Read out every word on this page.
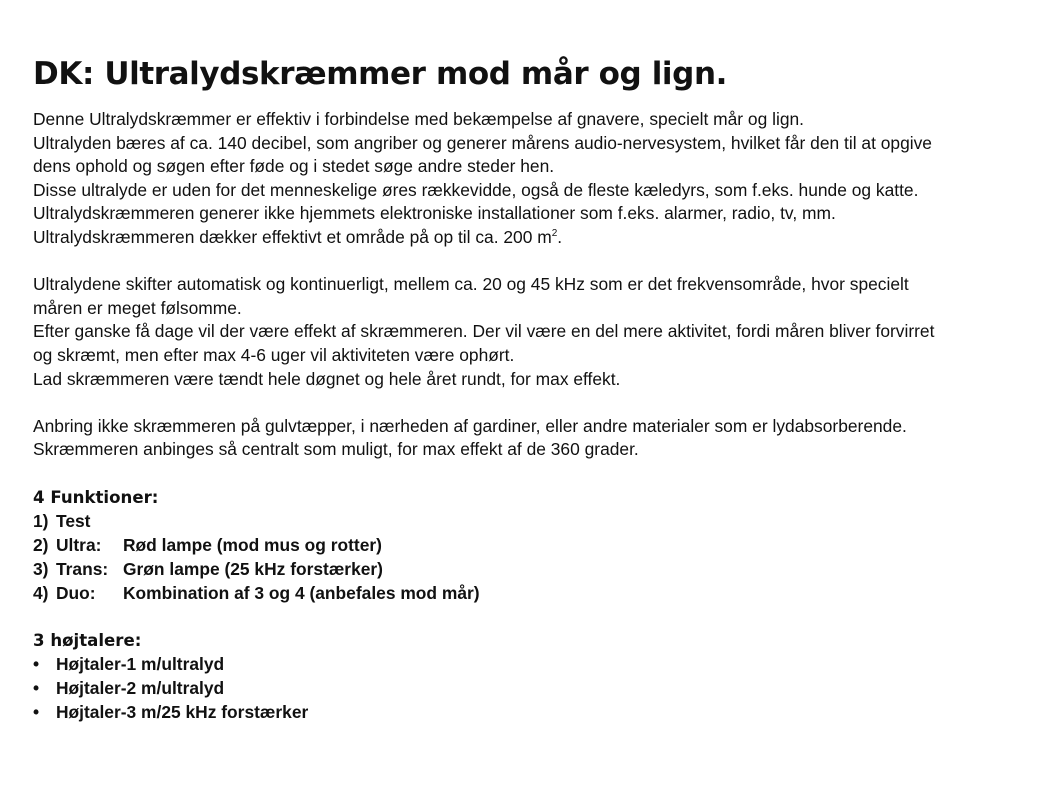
DK: Ultralydskræmmer mod mår og lign.
Denne Ultralydskræmmer er effektiv i forbindelse med bekæmpelse af gnavere, specielt mår og lign.
Ultralyden bæres af ca. 140 decibel, som angriber og generer mårens audio-nervesystem, hvilket får den til at opgive
dens ophold og søgen efter føde og i stedet søge andre steder hen.
Disse ultralyde er uden for det menneskelige øres rækkevidde, også de fleste kæledyrs, som f.eks. hunde og katte.
Ultralydskræmmeren generer ikke hjemmets elektroniske installationer som f.eks. alarmer, radio, tv, mm.
Ultralydskræmmeren dækker effektivt et område på op til ca. 200 $m^2$.
Ultralydene skifter automatisk og kontinuerligt, mellem ca. 20 og 45 kHz som er det frekvensområde, hvor specielt
måren er meget følsomme.
Efter ganske få dage vil der være effekt af skræmmeren. Der vil være en del mere aktivitet, fordi måren bliver forvirret
og skræmt, men efter max 4-6 uger vil aktiviteten være ophørt.
Lad skræmmeren være tændt hele døgnet og hele året rundt, for max effekt.
Anbring ikke skræmmeren på gulvtæpper, i nærheden af gardiner, eller andre materialer som er lydabsorberende.
Skræmmeren anbinges så centralt som muligt, for max effekt af de 360 grader.
4 Funktioner:
1) Test
2) Ultra:	Rød lampe (mod mus og rotter)
3) Trans: Grøn lampe (25 kHz forstærker)
4) Duo:	Kombination af 3 og 4 (anbefales mod mår)
3 højtalere:
• Højtaler-1 m/ultralyd
• Højtaler-2 m/ultralyd
• Højtaler-3 m/25 kHz forstærker
